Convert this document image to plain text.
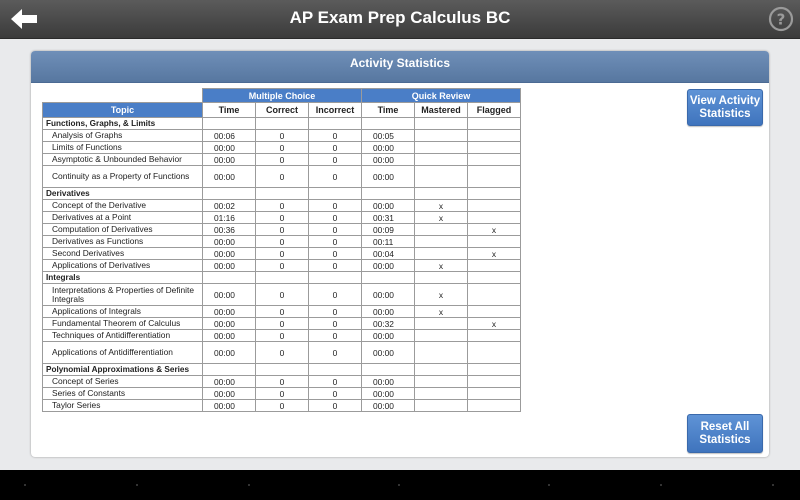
AP Exam Prep Calculus BC	?
Activity Statistics
	Multiple Choice			Quick Review		
Topic	Time	Correct	Incorrect	Time	Mastered	Flagged
Functions, Graphs, & Limits						
Analysis of Graphs	00:06	0	0	00:05		
Limits of Functions	00:00	0	0	00:00		
Asymptotic & Unbounded Behavior	00:00	0	0	00:00		
Continuity as a Property of Functions	00:00	0	0	00:00		
Derivatives						
Concept of the Derivative	00:02	0	0	00:00	x	
Derivatives at a Point	01:16	0	0	00:31	x	
Computation of Derivatives	00:36	0	0	00:09		x
Derivatives as Functions	00:00	0	0	00:11		
Second Derivatives	00:00	0	0	00:04		x
Applications of Derivatives	00:00	0	0	00:00	x	
Integrals						
Interpretations & Properties of Definite Integrals	00:00	0	0	00:00	x	
Applications of Integrals	00:00	0	0	00:00	x	
Fundamental Theorem of Calculus	00:00	0	0	00:32		x
Techniques of Antidifferentiation	00:00	0	0	00:00		
Applications of Antidifferentiation	00:00	0	0	00:00		
Polynomial Approximations & Series						
Concept of Series	00:00	0	0	00:00		
Series of Constants	00:00	0	0	00:00		
Taylor Series	00:00	0	0	00:00		
View Activity Statistics
Reset All Statistics
